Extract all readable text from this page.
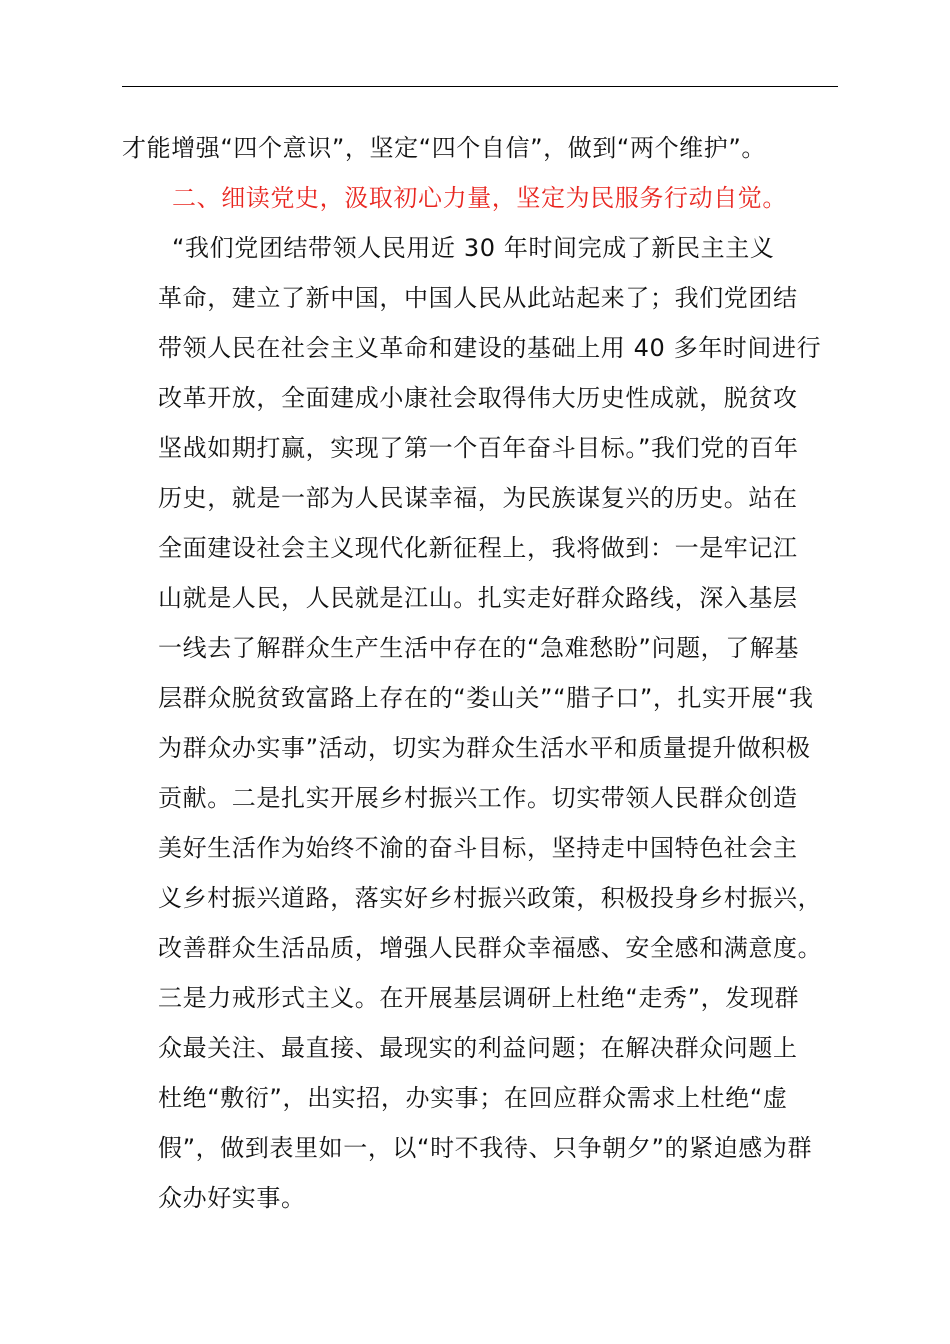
才能增强“四个意识”，坚定“四个自信”，做到“两个维护”。
二、细读党史，汲取初心力量，坚定为民服务行动自觉。
“我们党团结带领人民用近 30 年时间完成了新民主主义
革命，建立了新中国，中国人民从此站起来了；我们党团结
带领人民在社会主义革命和建设的基础上用 40 多年时间进行
改革开放，全面建成小康社会取得伟大历史性成就，脱贫攻
坚战如期打赢，实现了第一个百年奋斗目标。”我们党的百年
历史，就是一部为人民谋幸福，为民族谋复兴的历史。站在
全面建设社会主义现代化新征程上，我将做到：一是牢记江
山就是人民，人民就是江山。扎实走好群众路线，深入基层
一线去了解群众生产生活中存在的“急难愁盼”问题，了解基
层群众脱贫致富路上存在的“娄山关”“腊子口”，扎实开展“我
为群众办实事”活动，切实为群众生活水平和质量提升做积极
贡献。二是扎实开展乡村振兴工作。切实带领人民群众创造
美好生活作为始终不渝的奋斗目标，坚持走中国特色社会主
义乡村振兴道路，落实好乡村振兴政策，积极投身乡村振兴，
改善群众生活品质，增强人民群众幸福感、安全感和满意度。
三是力戒形式主义。在开展基层调研上杜绝“走秀”，发现群
众最关注、最直接、最现实的利益问题；在解决群众问题上
杜绝“敷衍”，出实招，办实事；在回应群众需求上杜绝“虚
假”，做到表里如一，以“时不我待、只争朝夕”的紧迫感为群
众办好实事。
